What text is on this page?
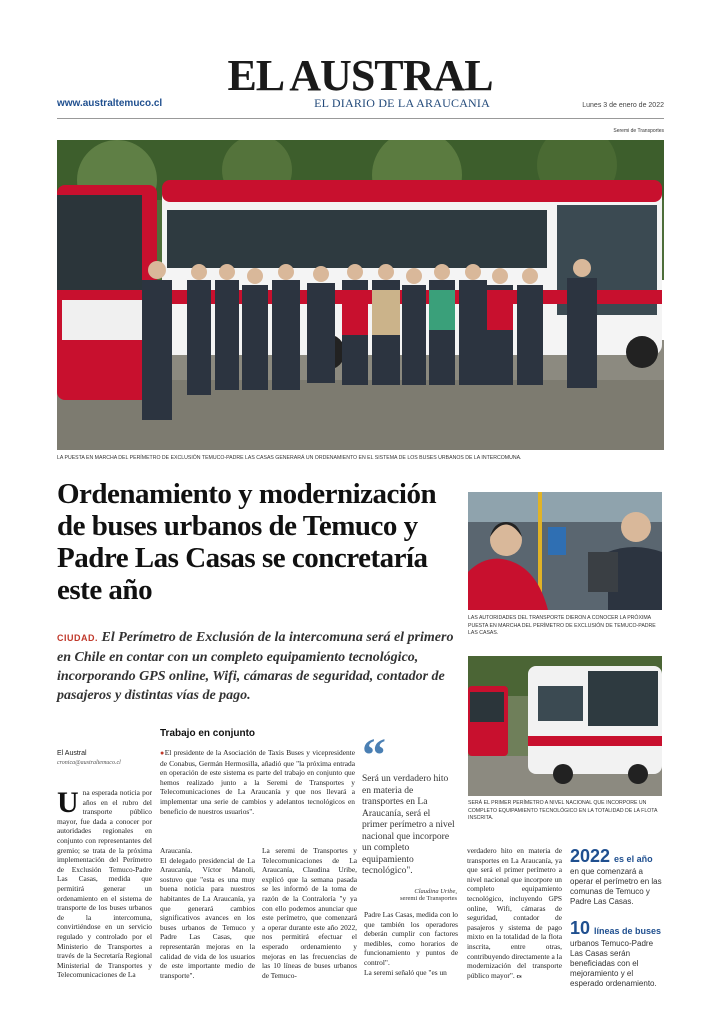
EL AUSTRAL
EL DIARIO DE LA ARAUCANIA
www.australtemuco.cl	Lunes 3 de enero de 2022
Seremi de Transportes
LA PUESTA EN MARCHA DEL PERÍMETRO DE EXCLUSIÓN TEMUCO-PADRE LAS CASAS GENERARÁ UN ORDENAMIENTO EN EL SISTEMA DE LOS BUSES URBANOS DE LA INTERCOMUNA.
Ordenamiento y modernización de buses urbanos de Temuco y Padre Las Casas se concretaría este año
CIUDAD. El Perímetro de Exclusión de la intercomuna será el primero en Chile en contar con un completo equipamiento tecnológico, incorporando GPS online, Wifi, cámaras de seguridad, contador de pasajeros y distintas vías de pago.
LAS AUTORIDADES DEL TRANSPORTE DIERON A CONOCER LA PRÓXIMA PUESTA EN MARCHA DEL PERÍMETRO DE EXCLUSIÓN DE TEMUCO-PADRE LAS CASAS.
SERÁ EL PRIMER PERÍMETRO A NIVEL NACIONAL QUE INCORPORE UN COMPLETO EQUIPAMIENTO TECNOLÓGICO EN LA TOTALIDAD DE LA FLOTA INSCRITA.
El Austral
cronica@australtemuco.cl
Una esperada noticia por años en el rubro del transporte público mayor, fue dada a conocer por autoridades regionales en conjunto con representantes del gremio; se trata de la próxima implementación del Perímetro de Exclusión Temuco-Padre Las Casas, medida que permitirá generar un ordenamiento en el sistema de transporte de los buses urbanos de la intercomuna, convirtiéndose en un servicio regulado y controlado por el Ministerio de Transportes a través de la Secretaría Regional Ministerial de Transportes y Telecomunicaciones de La
Trabajo en conjunto
●El presidente de la Asociación de Taxis Buses y vicepresidente de Conabus, Germán Hermosilla, añadió que "la próxima entrada en operación de este sistema es parte del trabajo en conjunto que hemos realizado junto a la Seremi de Transportes y Telecomunicaciones de La Araucanía y que nos llevará a implementar una serie de cambios y adelantos tecnológicos en beneficio de nuestros usuarios".
Araucanía.
El delegado presidencial de La Araucanía, Víctor Manoli, sostuvo que "esta es una muy buena noticia para nuestros habitantes de La Araucanía, ya que generará cambios significativos avances en los buses urbanos de Temuco y Padre Las Casas, que representarán mejoras en la calidad de vida de los usuarios de este importante medio de transporte".
La seremi de Transportes y Telecomunicaciones de La Araucanía, Claudina Uribe, explicó que la semana pasada se les informó de la toma de razón de la Contraloría "y ya con ello podemos anunciar que este perímetro, que comenzará a operar durante este año 2022, nos permitirá efectuar el esperado ordenamiento y mejoras en las frecuencias de las 10 líneas de buses urbanos de Temuco-
“
Será un verdadero hito en materia de transportes en La Araucanía, será el primer perímetro a nivel nacional que incorpore un completo equipamiento tecnológico".
Claudina Uribe,
seremi de Transportes
Padre Las Casas, medida con lo que también los operadores deberán cumplir con factores medibles, como horarios de funcionamiento y puntos de control".
La seremi señaló que "es un
verdadero hito en materia de transportes en La Araucanía, ya que será el primer perímetro a nivel nacional que incorpore un completo equipamiento tecnológico, incluyendo GPS online, Wifi, cámaras de seguridad, contador de pasajeros y sistema de pago mixto en la totalidad de la flota inscrita, entre otras, contribuyendo directamente a la modernización del transporte público mayor". cs
2022 es el año
en que comenzará a operar el perímetro en las comunas de Temuco y Padre Las Casas.
10 líneas de buses
urbanos Temuco-Padre Las Casas serán beneficiadas con el mejoramiento y el esperado ordenamiento.
